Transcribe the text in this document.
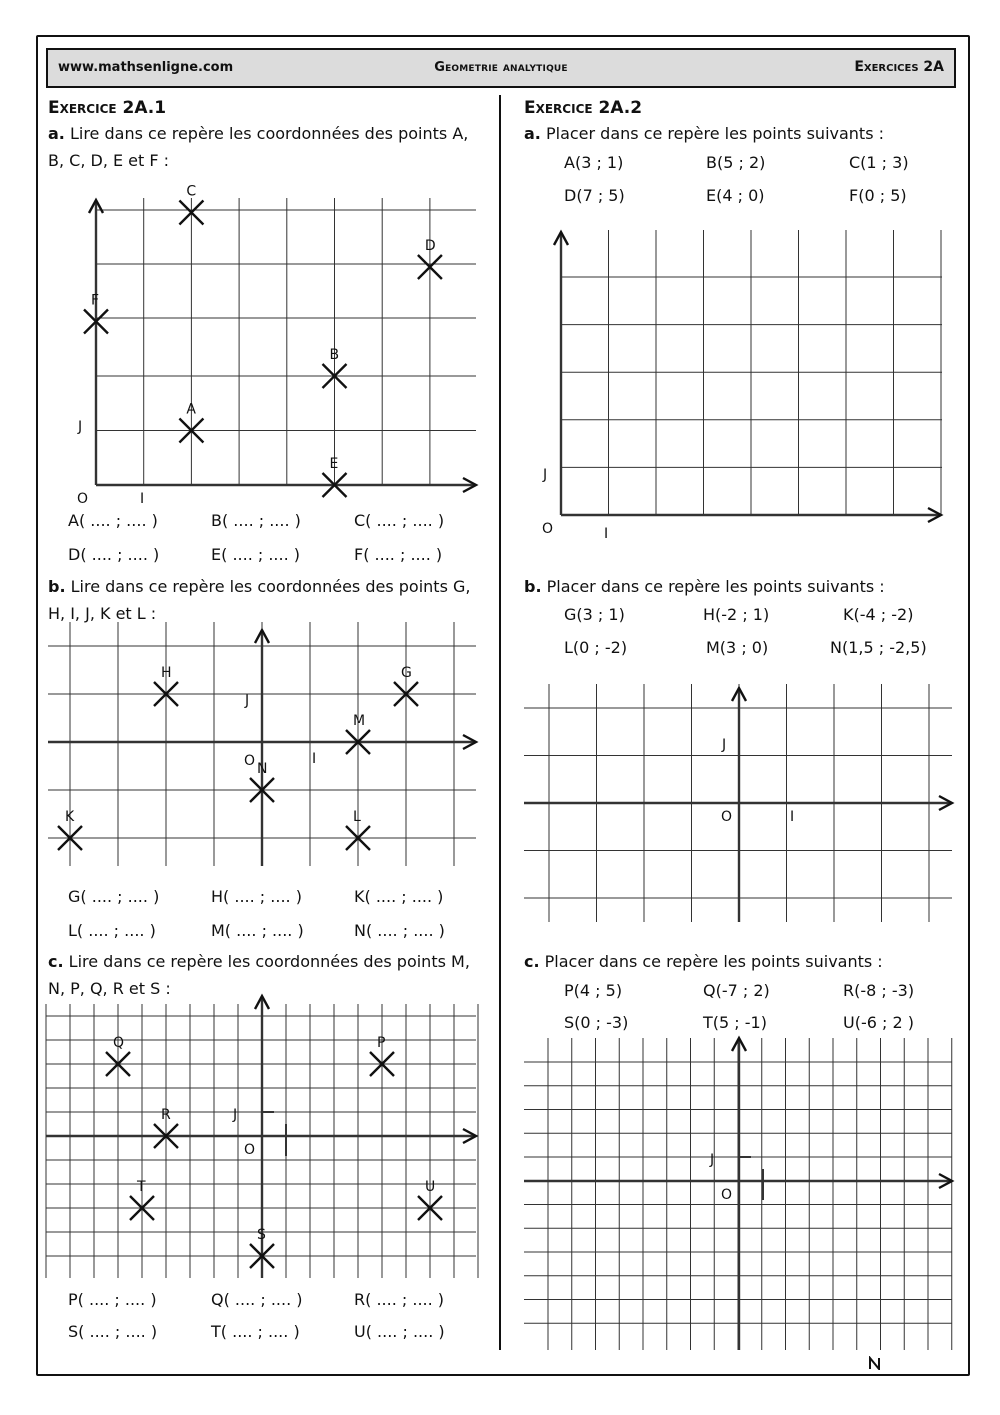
www.mathsenligne.com	Geometrie analytique	Exercices 2A
Exercice 2A.1
a. Lire dans ce repère les coordonnées des points A, B, C, D, E et F :
O	I
J
A
B
C
D
E
F
O	I
J
G
H
M
N
K	L
O
J
Q	P
R
T	U
S
O	I
J
O	I
J
O
J
A( .... ; .... )	B( .... ; .... )	C( .... ; .... )
D( .... ; .... )	E( .... ; .... )	F( .... ; .... )
b. Lire dans ce repère les coordonnées des points G, H, I, J, K et L :
G( .... ; .... )	H( .... ; .... )	K( .... ; .... )
L( .... ; .... )	M( .... ; .... )	N( .... ; .... )
c. Lire dans ce repère les coordonnées des points M, N, P, Q, R et S :
P( .... ; .... )	Q( .... ; .... )	R( .... ; .... )
S( .... ; .... )	T( .... ; .... )	U( .... ; .... )
Exercice 2A.2
a. Placer dans ce repère les points suivants :
A(3 ; 1)	B(5 ; 2)	C(1 ; 3)
D(7 ; 5)	E(4 ; 0)	F(0 ; 5)
b. Placer dans ce repère les points suivants :
G(3 ; 1)	H(-2 ; 1)	K(-4 ; -2)
L(0 ; -2)	M(3 ; 0)	N(1,5 ; -2,5)
c. Placer dans ce repère les points suivants :
P(4 ; 5)	Q(-7 ; 2)	R(-8 ; -3)
S(0 ; -3)	T(5 ; -1)	U(-6 ; 2 )
